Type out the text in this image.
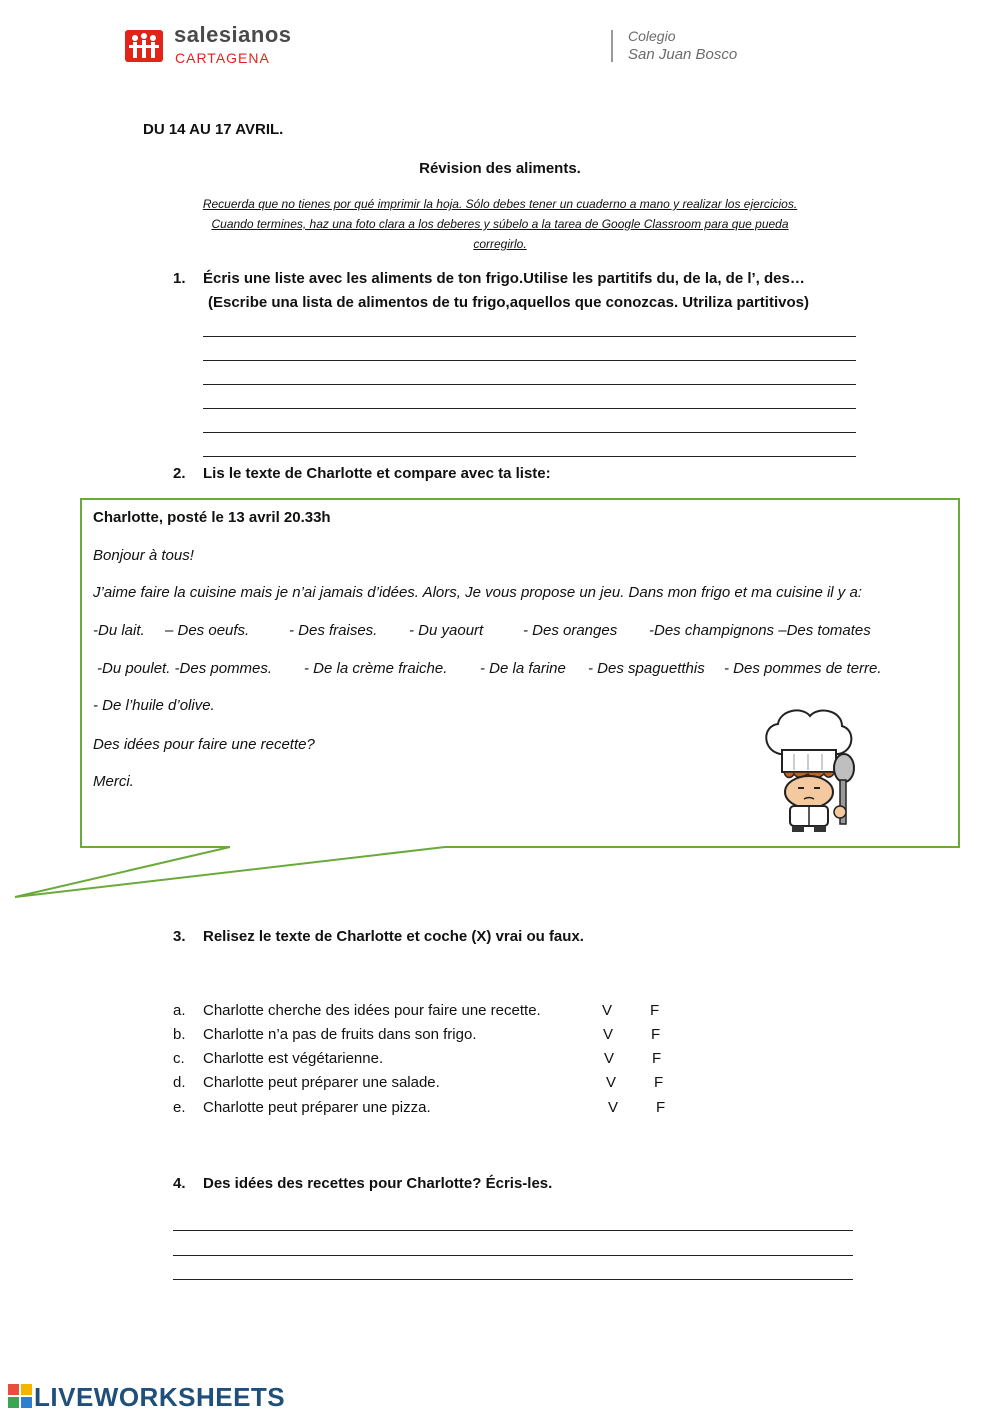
salesianos
CARTAGENA
Colegio
San Juan Bosco
DU 14 AU 17 AVRIL.
Révision des aliments.
Recuerda que no tienes por qué imprimir la hoja. Sólo debes tener un cuaderno a mano y realizar los ejercicios.
Cuando termines, haz una foto clara a los deberes y súbelo a la tarea de Google Classroom para que pueda
corregirlo.
1. Écris une liste avec les aliments de ton frigo.Utilise les partitifs du, de la, de l’, des…
(Escribe una lista de alimentos de tu frigo,aquellos que conozcas. Utriliza partitivos)
2. Lis le texte de Charlotte et compare avec ta liste:
Charlotte, posté le 13 avril 20.33h
Bonjour à tous!
J’aime faire la cuisine mais je n’ai jamais d’idées. Alors, Je vous propose un jeu. Dans mon frigo et ma cuisine il y a:
-Du lait. – Des oeufs.	- Des fraises. - Du yaourt	- Des oranges -Des champignons –Des tomates
-Du poulet. -Des pommes. - De la crème fraiche. - De la farine - Des spaguetthis - Des pommes de terre.
- De l’huile d’olive.
Des idées pour faire une recette?
Merci.
3. Relisez le texte de Charlotte et coche (X) vrai ou faux.
a. Charlotte cherche des idées pour faire une recette.	V	F
b. Charlotte n’a pas de fruits dans son frigo.	V	F
c. Charlotte est végétarienne.	V	F
d. Charlotte peut préparer une salade.	V	F
e. Charlotte peut préparer une pizza.	V	F
4. Des idées des recettes pour Charlotte? Écris-les.
LIVEWORKSHEETS
